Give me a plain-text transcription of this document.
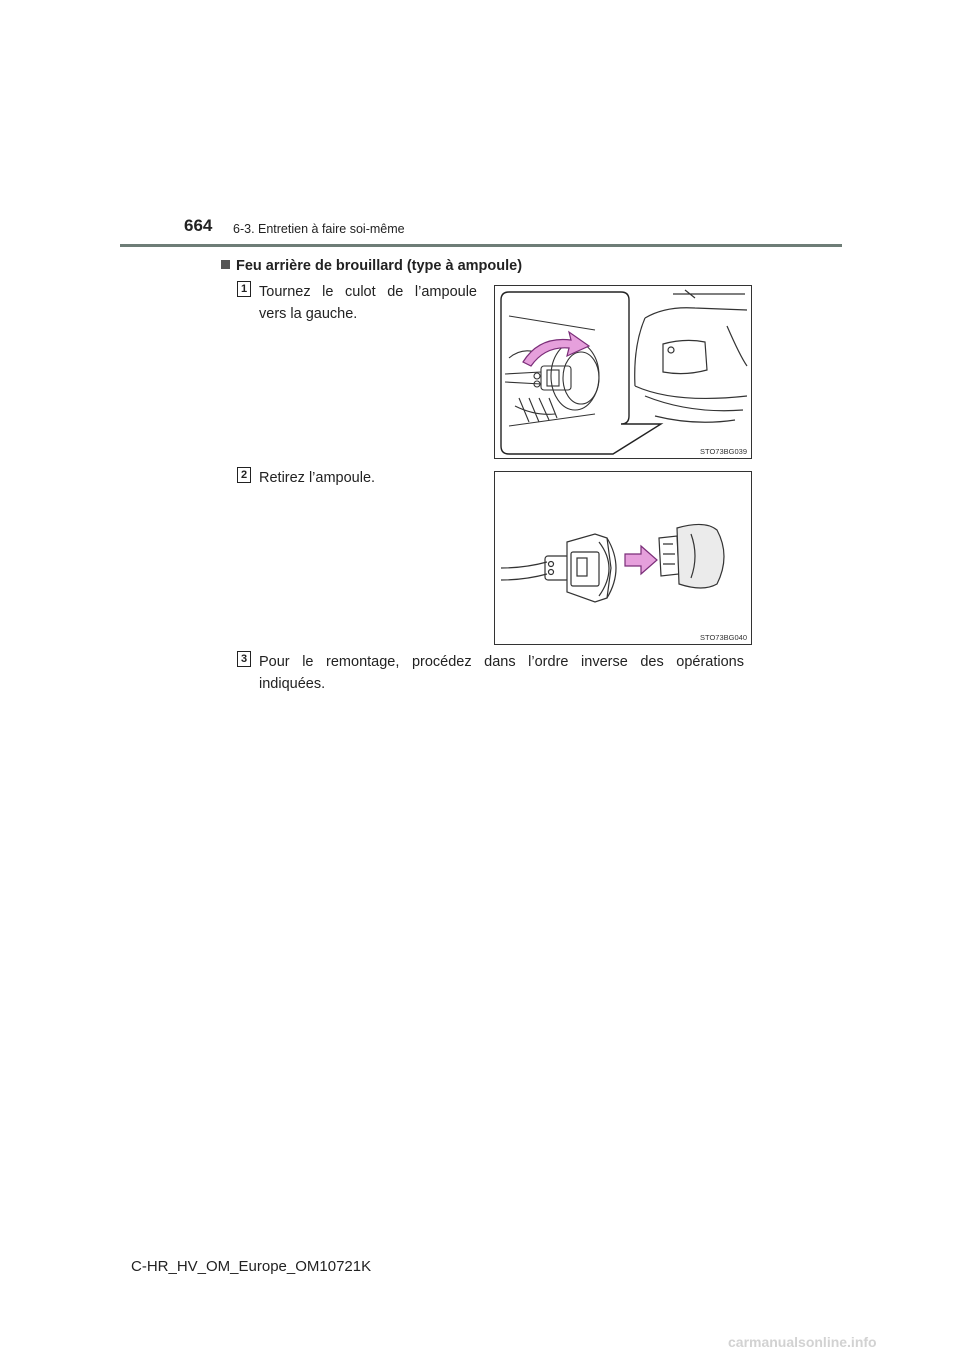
664 6-3. Entretien à faire soi-même
Feu arrière de brouillard (type à ampoule)
1 Tournez le culot de l’ampoule vers la gauche.
STO73BG039
2 Retirez l’ampoule.
STO73BG040
3 Pour le remontage, procédez dans l’ordre inverse des opérations indiquées.
C-HR_HV_OM_Europe_OM10721K
carmanualsonline.info
